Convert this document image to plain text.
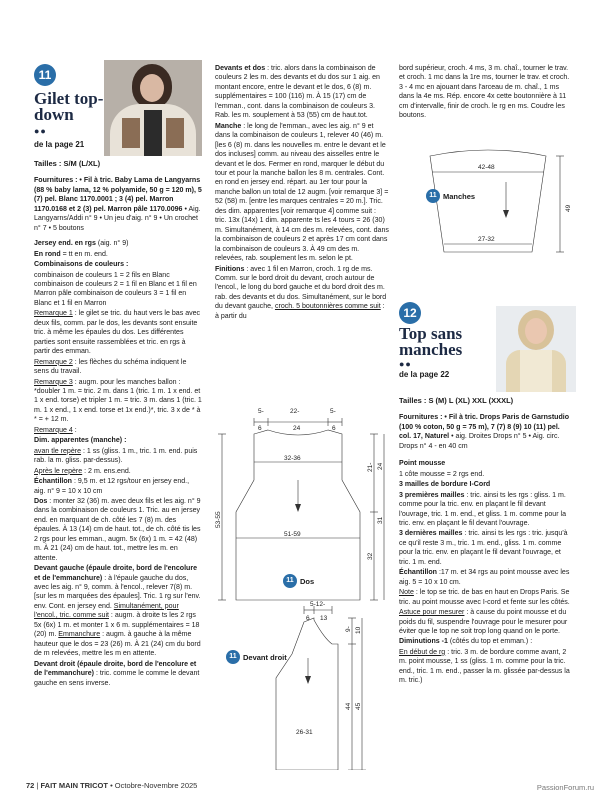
11
Gilet top-
down
●●
de la page 21

Tailles : S/M (L/XL)

Fournitures : • Fil à tric. Baby Lama de Langyarns (88 % baby lama, 12 % polyamide, 50 g = 120 m), 5 (7) pel. Blanc 1170.0001 ; 3 (4) pel. Marron 1170.0168 et 2 (3) pel. Marron pâle 1170.0096 • Aig. Langyarns/Addi n° 9 • Un jeu d'aig. n° 9 • Un crochet n° 7 • 5 boutons

Jersey end. en rgs (aig. n° 9)

En rond = tt en m. end.

Combinaisons de couleurs :

combinaison de couleurs 1 = 2 fils en Blanc combinaison de couleurs 2 = 1 fil en Blanc et 1 fil en Marron pâle combinaison de couleurs 3 = 1 fil en Blanc et 1 fil en Marron

Remarque 1 : le gilet se tric. du haut vers le bas avec deux fils, comm. par le dos, les devants sont ensuite tric. à même les épaules du dos. Les différentes parties sont ensuite rassemblées et tric. en rgs à partir des emman.

Remarque 2 : les flèches du schéma indiquent le sens du travail.

Remarque 3 : augm. pour les manches ballon : *doubler 1 m. = tric. 2 m. dans 1 (tric. 1 m. 1 x end. et 1 x end. torse) et tripler 1 m. = tric. 3 m. dans 1 (tric. 1 m. 1 x end., 1 x end. torse et 1x end.)*, tric. 3 x de * à * = + 12 m.

Remarque 4 :

Dim. apparentes (manche) :

avan tle repère : 1 ss (gliss. 1 m., tric. 1 m. end. puis rab. la m. gliss. par-dessus).

Après le repère : 2 m. ens.end.

Échantillon : 9,5 m. et 12 rgs/tour en jersey end., aig. n° 9 = 10 x 10 cm

Dos : monter 32 (36) m. avec deux fils et les aig. n° 9 dans la combinaison de couleurs 1. Tric. au en jersey end. en marquant de ch. côté les 7 (8) m. des épaules. À 13 (14) cm de haut. tot., de ch. côté tis les 2 rgs pour les emman., augm. 5x (6x) 1 m. = 42 (48) m. À 21 (24) cm de haut. tot., mettre les m. en attente.

Devant gauche (épaule droite, bord de l'encolure et de l'emmanchure) : à l'épaule gauche du dos, avec les aig. n° 9, comm. à l'encol., relever 7(8) m. [sur les m marquées des épaules]. Tric. 1 rg sur l'env. env. Cont. en jersey end. Simultanément, pour l'encol., tric. comme suit : augm. à droite ts les 2 rgs 5x (6x) 1 m. et monter 1 x 6 m. supplémentaires = 18 (20) m. Emmanchure : augm. à gauche à la même hauteur que le dos = 23 (26) m. À 21 (24) cm du bord de m relevées, mettre les m en attente.

Devant droit (épaule droite, bord de l'encolure et de l'emmanchure) : tric. comme le comme le devant gauche en sens inverse.

Devants et dos : tric. alors dans la combinaison de couleurs 2 les m. des devants et du dos sur 1 aig. en montant encore, entre le devant et le dos, 6 (8) m. supplémentaires = 100 (116) m. À 15 (17) cm de l'emman., cont. dans la combinaison de couleurs 3. Rab. les m. souplement à 53 (55) cm de haut.tot.

Manche : le long de l'emman., avec les aig. n° 9 et dans la combinaison de couleurs 1, relever 40 (46) m. [les 6 (8) m. dans les nouvelles m. entre le devant et le dos incluses] comm. au niveau des aisselles entre le devant et le dos. Fermer en rond, marquer le début du tour et pour la manche ballon les 8 m. centrales. Cont. en rond en jersey end. répart. au 1er tour pour la manche ballon un total de 12 augm. [voir remarque 3] = 52 (58) m. [entre les marques centrales = 20 m.]. Tric. des dim. apparentes [voir remarque 4] comme suit : tric. 13x (14x) 1 dim. apparente ts les 4 tours = 26 (30) m. Simultanément, à 14 cm des m. relevées, cont. dans la combinaison de couleurs 2 et après 17 cm cont dans la combinaison de couleurs 3. À 49 cm des m. relevées, rab. souplement les m. selon le pt.

Finitions : avec 1 fil en Marron, croch. 1 rg de ms. Comm. sur le bord droit du devant, croch autour de l'encol., le long du bord gauche et du bord droit des m. rab. des devants et du dos. Simultanément, sur le bord du devant gauche, croch. 5 boutonnières comme suit : à partir du

5-
6
22-
24
5-
6
32-36
51-59
21- 24
32
31
53-55
11 Dos
5-12-
6 13
9- 10
44 45
26-31
11 Devant droit

bord supérieur, croch. 4 ms, 3 m. chaî., tourner le trav. et croch. 1 mc dans la 1re ms, tourner le trav. et croch. 3 - 4 mc en ajouant dans l'arceau de m. chaî., 1 ms dans la 4e ms. Rép. encore 4x cette boutonnière à 11 cm d'intervalle, finir de croch. le rg en ms. Coudre les boutons.

42-48
27-32
49
11 Manches
12
Top sans
manches
●●
de la page 22

Tailles : S (M) L (XL) XXL (XXXL)

Fournitures : • Fil à tric. Drops Paris de Garnstudio (100 % coton, 50 g = 75 m), 7 (7) 8 (9) 10 (11) pel. col. 17, Naturel • aig. Droites Drops n° 5 • Aig. circ. Drops n° 4 - en 40 cm

Point mousse

1 côte mousse = 2 rgs end.

3 mailles de bordure I-Cord

3 premières mailles : tric. ainsi ts les rgs : gliss. 1 m. comme pour la tric. env. en plaçant le fil devant l'ouvrage, tric. 1 m. end., et gliss. 1 m. comme pour la tric. env. en plaçant le fil devant l'ouvrage.

3 dernières mailles : tric. ainsi ts les rgs : tric. jusqu'à ce qu'il reste 3 m., tric. 1 m. end., gliss. 1 m. comme pour la tric. env. en plaçant le fil devant l'ouvrage, et tric. 1 m. end.

Échantillon :17 m. et 34 rgs au point mousse avec les aig. 5 = 10 x 10 cm.

Note : le top se tric. de bas en haut en Drops Paris. Se tric. au point mousse avec I-cord et fente sur les côtés.

Astuce pour mesurer : à cause du point mousse et du poids du fil, suspendre l'ouvrage pour le mesurer pour éviter que le top ne soit trop long quand on le porte.

Diminutions -1 (côtés du top et emman.) :

En début de rg : tric. 3 m. de bordure comme avant, 2 m. point mousse, 1 ss (gliss. 1 m. comme pour la tric. end., tric. 1 m. end., passer la m. glissée par-dessus la m. tric.)

72 | FAIT MAIN TRICOT • Octobre-Novembre 2025	PassionForum.ru
